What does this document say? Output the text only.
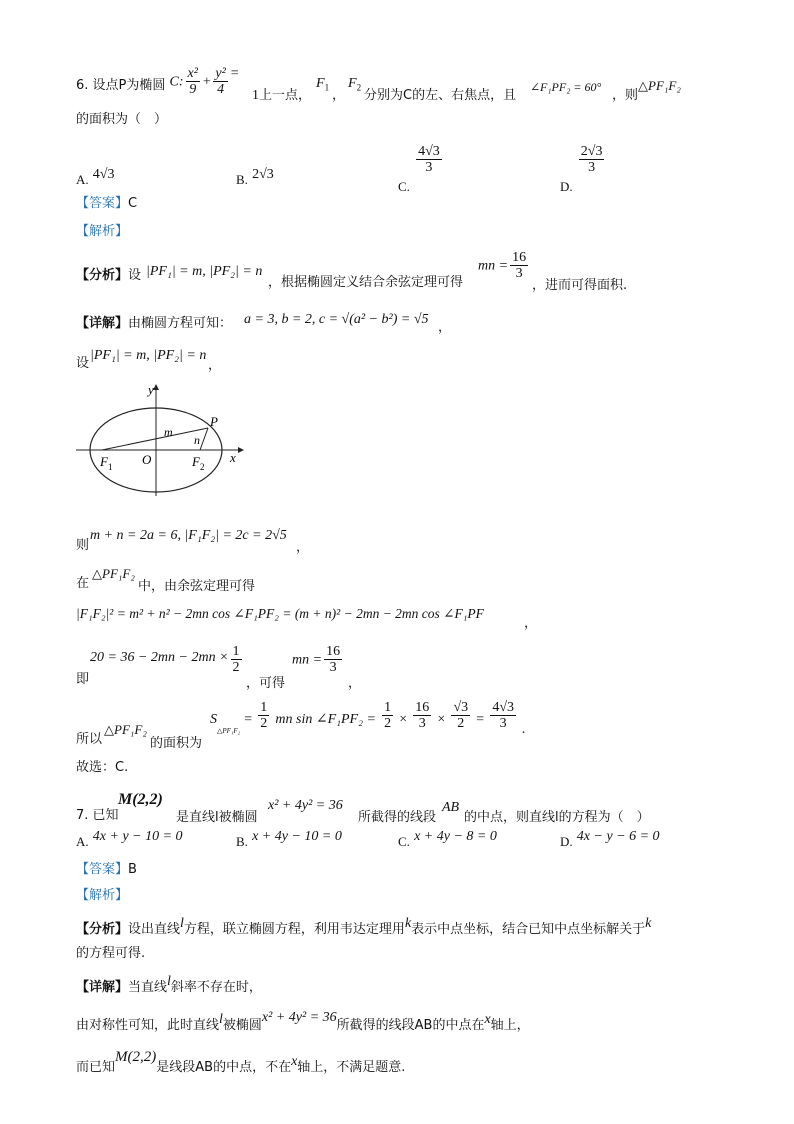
6. 设点P为椭圆 C: $\frac{\text{x²}}{9} + \frac{\text{y²}}{4}$ =
1上一点，
$F_1$
，
$F_2$
分别为C的左、右焦点，且
∠F₁PF₂ = 60°
，则
△PF₁F₂
的面积为（　）
A. 4√3	B. 2√3
C.
$\frac{4√3}{3}$
D.
$\frac{2√3}{3}$
【答案】C
【解析】
【分析】设 |PF₁| = m, |PF₂| = n
，根据椭圆定义结合余弦定理可得
mn = $\frac{16}{3}$
，进而可得面积.
【详解】由椭圆方程可知： a = 3, b = 2, c = √(a² − b²) = √5
，
设
|PF₁| = m, |PF₂| = n
，
y
x
O
P
m
n
F 1	F 2
则
m + n = 2a = 6, |F₁F₂| = 2c = 2√5
，
在
△PF₁F₂
中，由余弦定理可得
|F₁F₂|² = m² + n² − 2mn cos ∠F₁PF₂ = (m + n)² − 2mn − 2mn cos ∠F₁PF
，
即
$20 = 36 - 2mn - 2mn \times \frac{1}{2}$
，可得
mn = $\frac{16}{3}$
，
所以
△PF₁F₂
的面积为
$S_{\triangle PF_1F_2} = \frac{1}{2}$ mn sin ∠F₁PF₂ = $\frac{1}{2} \times \frac{16}{3} \times \frac{√3}{2} = \frac{4√3}{3}$ .
故选：C.
7. 已知
M(2,2)
是直线l被椭圆
x² + 4y² = 36
所截得的线段
AB
的中点，则直线l的方程为（　）
A. 4x + y − 10 = 0	B. x + 4y − 10 = 0	C. x + 4y − 8 = 0	D. 4x − y − 6 = 0
【答案】B
【解析】
【分析】设出直线l方程，联立椭圆方程，利用韦达定理用k表示中点坐标，结合已知中点坐标解关于k
的方程可得.
【详解】当直线l斜率不存在时，
由对称性可知，此时直线l被椭圆x² + 4y² = 36所截得的线段AB的中点在x轴上，
而已知M(2,2)是线段AB的中点，不在x轴上，不满足题意.
